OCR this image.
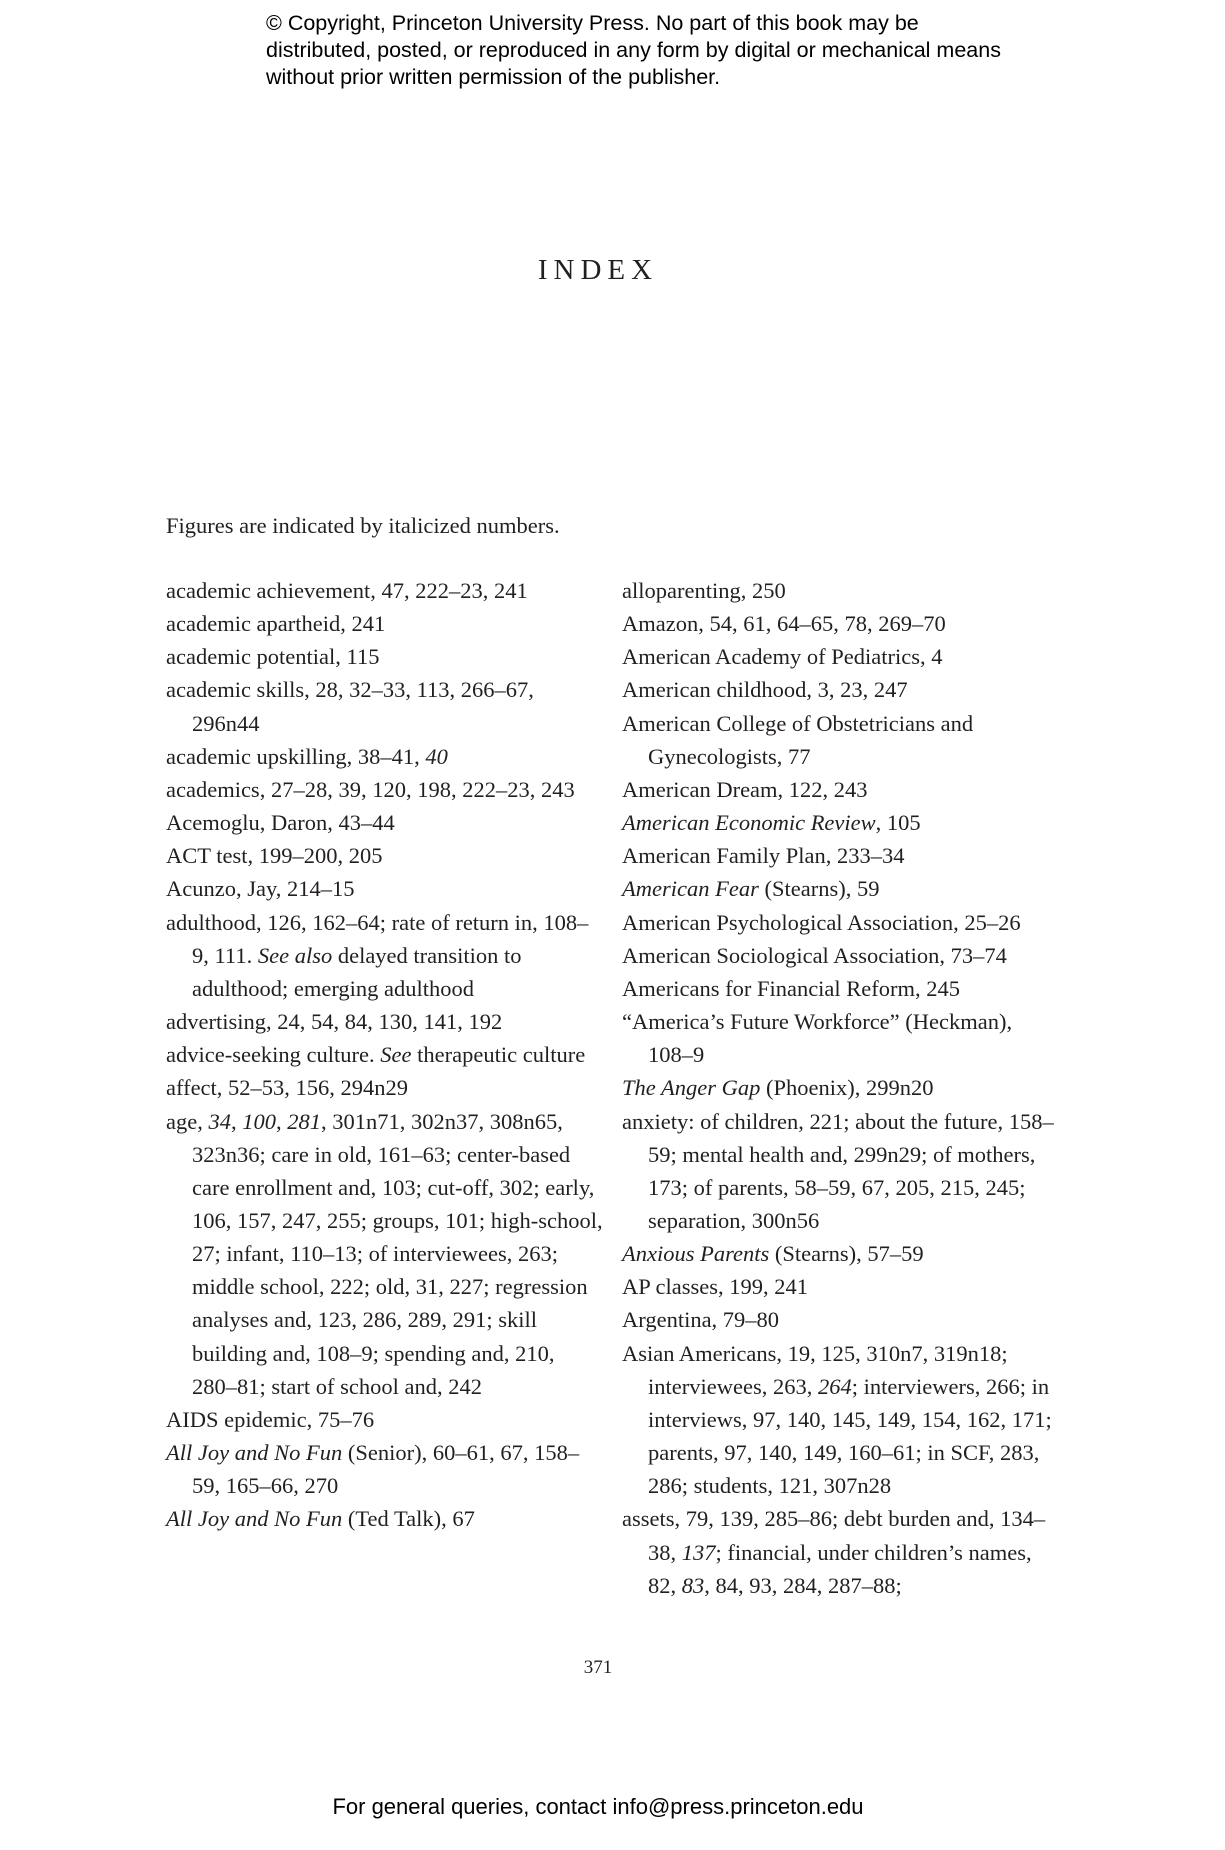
© Copyright, Princeton University Press. No part of this book may be distributed, posted, or reproduced in any form by digital or mechanical means without prior written permission of the publisher.
INDEX
Figures are indicated by italicized numbers.
academic achievement, 47, 222–23, 241
academic apartheid, 241
academic potential, 115
academic skills, 28, 32–33, 113, 266–67, 296n44
academic upskilling, 38–41, 40
academics, 27–28, 39, 120, 198, 222–23, 243
Acemoglu, Daron, 43–44
ACT test, 199–200, 205
Acunzo, Jay, 214–15
adulthood, 126, 162–64; rate of return in, 108–9, 111. See also delayed transition to adulthood; emerging adulthood
advertising, 24, 54, 84, 130, 141, 192
advice-seeking culture. See therapeutic culture
affect, 52–53, 156, 294n29
age, 34, 100, 281, 301n71, 302n37, 308n65, 323n36; care in old, 161–63; center-based care enrollment and, 103; cut-off, 302; early, 106, 157, 247, 255; groups, 101; high-school, 27; infant, 110–13; of interviewees, 263; middle school, 222; old, 31, 227; regression analyses and, 123, 286, 289, 291; skill building and, 108–9; spending and, 210, 280–81; start of school and, 242
AIDS epidemic, 75–76
All Joy and No Fun (Senior), 60–61, 67, 158–59, 165–66, 270
All Joy and No Fun (Ted Talk), 67
alloparenting, 250
Amazon, 54, 61, 64–65, 78, 269–70
American Academy of Pediatrics, 4
American childhood, 3, 23, 247
American College of Obstetricians and Gynecologists, 77
American Dream, 122, 243
American Economic Review, 105
American Family Plan, 233–34
American Fear (Stearns), 59
American Psychological Association, 25–26
American Sociological Association, 73–74
Americans for Financial Reform, 245
“America’s Future Workforce” (Heckman), 108–9
The Anger Gap (Phoenix), 299n20
anxiety: of children, 221; about the future, 158–59; mental health and, 299n29; of mothers, 173; of parents, 58–59, 67, 205, 215, 245; separation, 300n56
Anxious Parents (Stearns), 57–59
AP classes, 199, 241
Argentina, 79–80
Asian Americans, 19, 125, 310n7, 319n18; interviewees, 263, 264; interviewers, 266; in interviews, 97, 140, 145, 149, 154, 162, 171; parents, 97, 140, 149, 160–61; in SCF, 283, 286; students, 121, 307n28
assets, 79, 139, 285–86; debt burden and, 134–38, 137; financial, under children’s names, 82, 83, 84, 93, 284, 287–88;
371
For general queries, contact info@press.princeton.edu
